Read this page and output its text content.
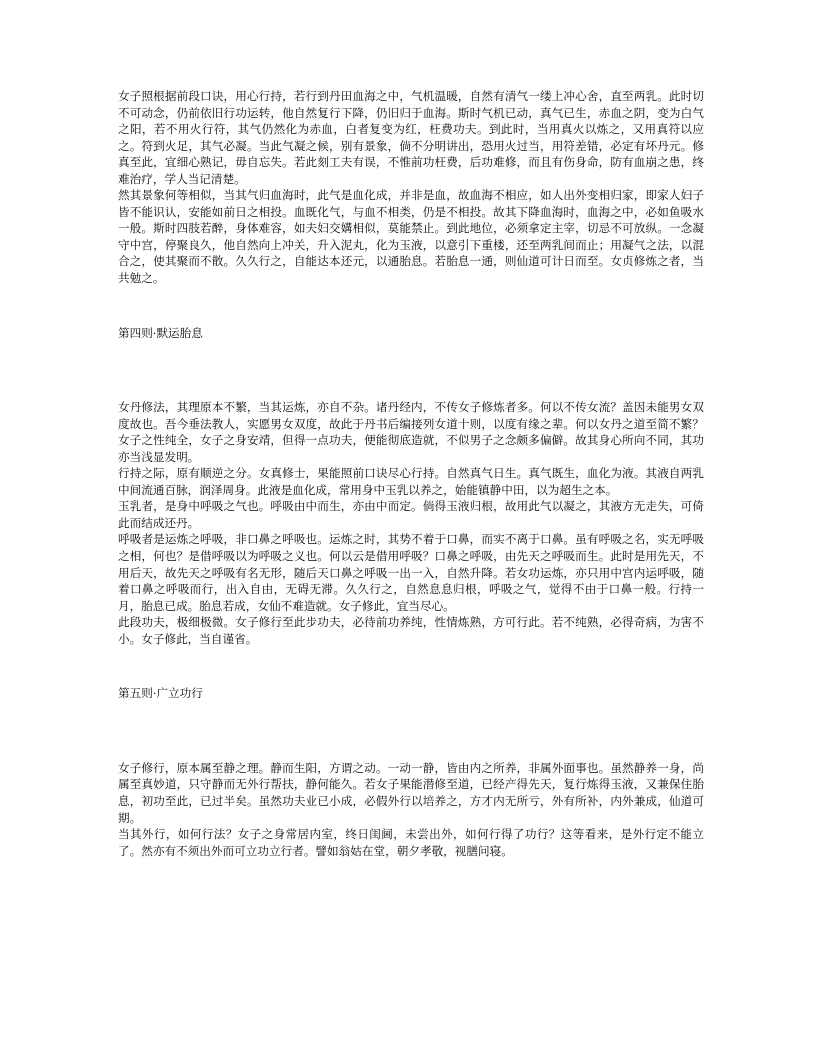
女子照根据前段口诀，用心行持，若行到丹田血海之中，气机温暖，自然有清气一缕上冲心舍，直至两乳。此时切不可动念，仍前依旧行功运转，他自然复行下降，仍旧归于血海。斯时气机已动，真气已生，赤血之阴，变为白气之阳，若不用火行符，其气仍然化为赤血，白者复变为红，枉费功夫。到此时，当用真火以炼之，又用真符以应之。符到火足，其气必凝。当此气凝之候，别有景象，倘不分明讲出，恐用火过当，用符差错，必定有坏丹元。修真至此，宜细心熟记，毋自忘失。若此刻工夫有误，不惟前功枉费，后功难修，而且有伤身命，防有血崩之患，终难治疗，学人当记清楚。

然其景象何等相似，当其气归血海时，此气是血化成，并非是血，故血海不相应，如人出外变相归家，即家人妇子皆不能识认，安能如前日之相投。血既化气，与血不相类，仍是不相投。故其下降血海时，血海之中，必如鱼吸水一般。斯时四肢若醉，身体难容，如夫妇交媾相似，莫能禁止。到此地位，必须拿定主宰，切忌不可放纵。一念凝守中宫，停聚良久，他自然向上冲关，升入泥丸，化为玉液，以意引下重楼，还至两乳间而止；用凝气之法，以混合之，使其聚而不散。久久行之，自能达本还元，以通胎息。若胎息一通，则仙道可计日而至。女贞修炼之者，当共勉之。

第四则·默运胎息

女丹修法，其理原本不繁，当其运炼，亦自不杂。诸丹经内，不传女子修炼者多。何以不传女流？盖因未能男女双度故也。吾今垂法教人，实愿男女双度，故此于丹书后编接列女道十则，以度有缘之辈。何以女丹之道至简不繁？女子之性纯全，女子之身安靖，但得一点功夫，便能彻底造就，不似男子之念颇多偏僻。故其身心所向不同，其功亦当浅显发明。

行持之际，原有顺逆之分。女真修士，果能照前口诀尽心行持。自然真气日生。真气既生，血化为液。其液自两乳中间流通百脉，润泽周身。此液是血化成，常用身中玉乳以养之，始能镇静中田，以为超生之本。

玉乳者，是身中呼吸之气也。呼吸由中而生，亦由中而定。倘得玉液归根，故用此气以凝之，其液方无走失，可倚此而结成还丹。

呼吸者是运炼之呼吸，非口鼻之呼吸也。运炼之时，其势不着于口鼻，而实不离于口鼻。虽有呼吸之名，实无呼吸之相，何也？是借呼吸以为呼吸之义也。何以云是借用呼吸？口鼻之呼吸，由先天之呼吸而生。此时是用先天，不用后天，故先天之呼吸有名无形，随后天口鼻之呼吸一出一入，自然升降。若女功运炼，亦只用中宫内运呼吸，随着口鼻之呼吸而行，出入自由，无碍无滞。久久行之，自然息息归根，呼吸之气，觉得不由于口鼻一般。行持一月，胎息已成。胎息若成，女仙不难造就。女子修此，宜当尽心。

此段功夫，极细极微。女子修行至此步功夫，必待前功养纯，性情炼熟，方可行此。若不纯熟，必得奇病，为害不小。女子修此，当自谨省。

第五则·广立功行

女子修行，原本属至静之理。静而生阳，方谓之动。一动一静，皆由内之所养，非属外面事也。虽然静养一身，尚属至真妙道，只守静而无外行帮扶，静何能久。若女子果能潜修至道，已经产得先天，复行炼得玉液，又兼保住胎息，初功至此，已过半矣。虽然功夫业已小成，必假外行以培养之，方才内无所亏，外有所补，内外兼成，仙道可期。

当其外行，如何行法？女子之身常居内室，终日闺阃，未尝出外，如何行得了功行？这等看来，是外行定不能立了。然亦有不须出外而可立功立行者。譬如翁姑在堂，朝夕孝敬，视膳问寝。
